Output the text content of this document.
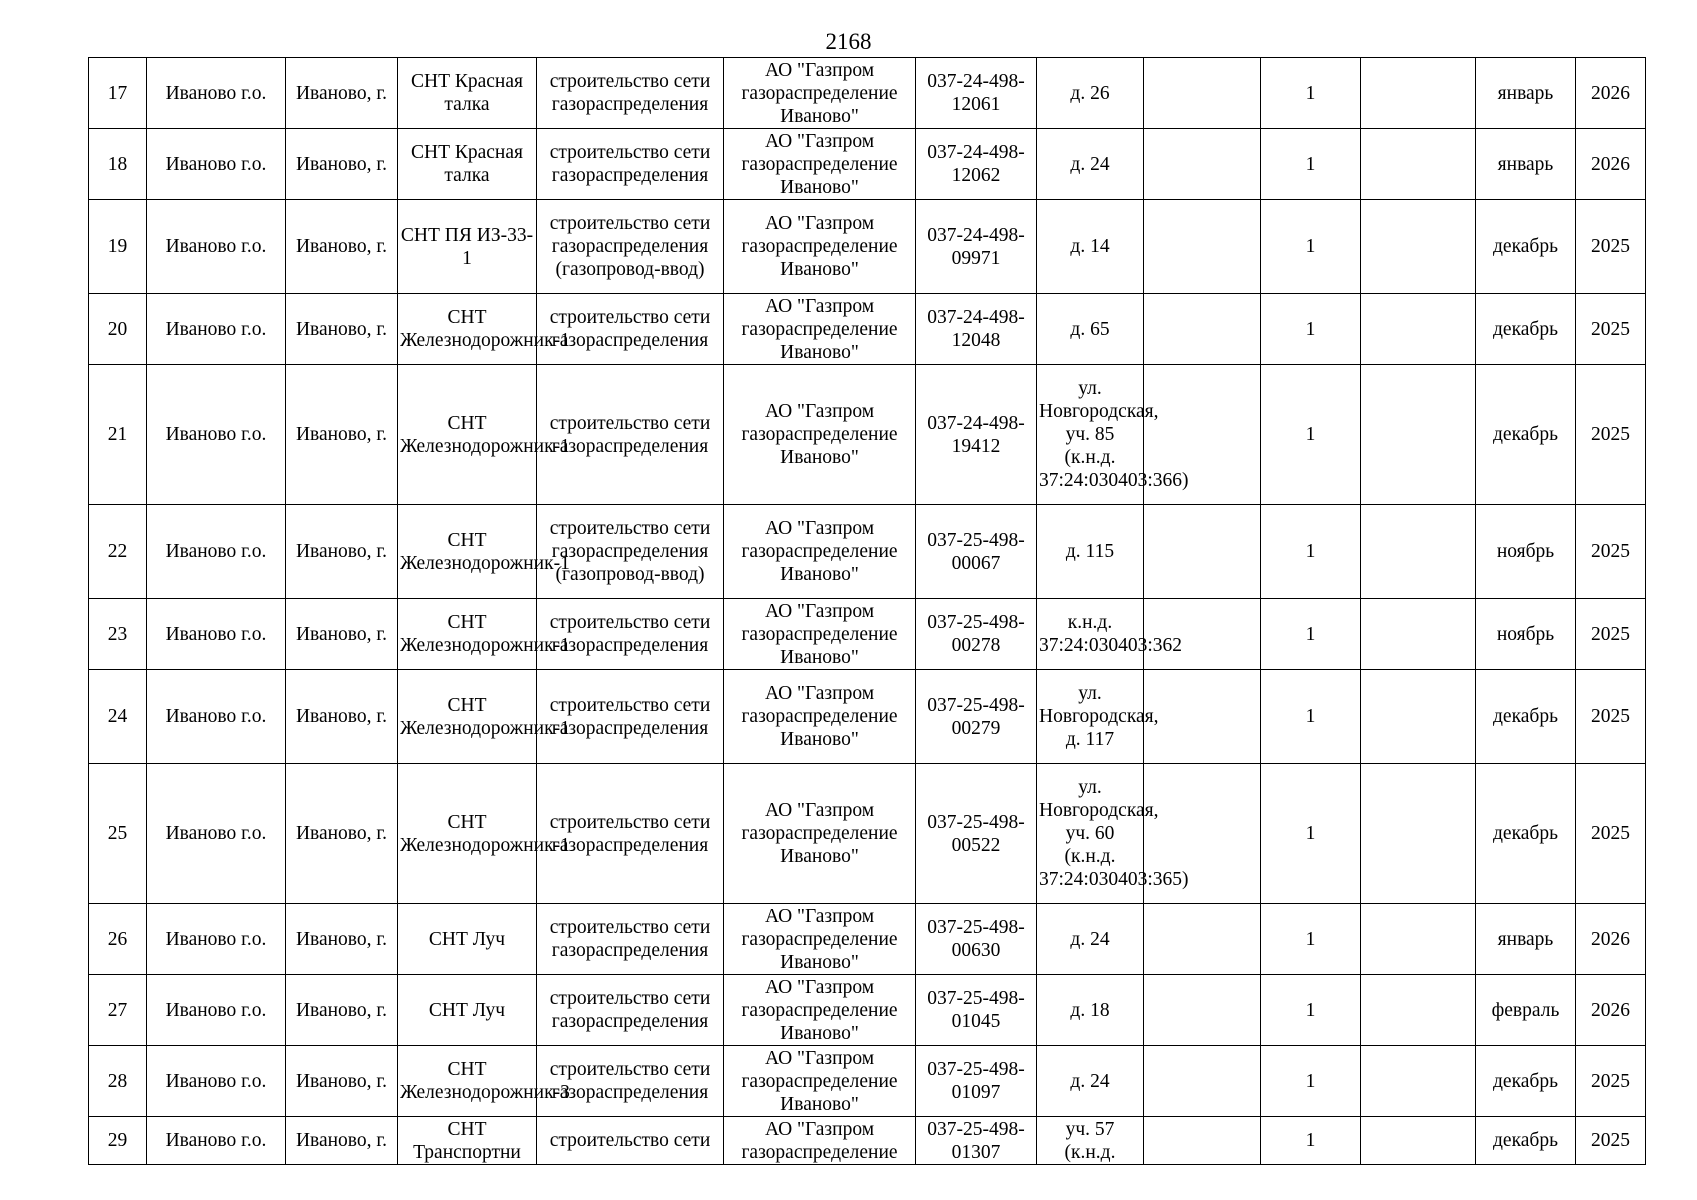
2168
17	Иваново г.о.	Иваново, г.	СНТ Красная талка	строительство сети газораспределения	АО "Газпром газораспределение Иваново"	037-24-498-12061	д. 26		1		январь	2026
18	Иваново г.о.	Иваново, г.	СНТ Красная талка	строительство сети газораспределения	АО "Газпром газораспределение Иваново"	037-24-498-12062	д. 24		1		январь	2026
19	Иваново г.о.	Иваново, г.	СНТ ПЯ ИЗ-33-1	строительство сети газораспределения (газопровод-ввод)	АО "Газпром газораспределение Иваново"	037-24-498-09971	д. 14		1		декабрь	2025
20	Иваново г.о.	Иваново, г.	СНТ Железнодорожник-1	строительство сети газораспределения	АО "Газпром газораспределение Иваново"	037-24-498-12048	д. 65		1		декабрь	2025
21	Иваново г.о.	Иваново, г.	СНТ Железнодорожник-1	строительство сети газораспределения	АО "Газпром газораспределение Иваново"	037-24-498-19412	ул. Новгородская, уч. 85 (к.н.д. 37:24:030403:366)		1		декабрь	2025
22	Иваново г.о.	Иваново, г.	СНТ Железнодорожник-1	строительство сети газораспределения (газопровод-ввод)	АО "Газпром газораспределение Иваново"	037-25-498-00067	д. 115		1		ноябрь	2025
23	Иваново г.о.	Иваново, г.	СНТ Железнодорожник-1	строительство сети газораспределения	АО "Газпром газораспределение Иваново"	037-25-498-00278	к.н.д. 37:24:030403:362		1		ноябрь	2025
24	Иваново г.о.	Иваново, г.	СНТ Железнодорожник-1	строительство сети газораспределения	АО "Газпром газораспределение Иваново"	037-25-498-00279	ул. Новгородская, д. 117		1		декабрь	2025
25	Иваново г.о.	Иваново, г.	СНТ Железнодорожник-1	строительство сети газораспределения	АО "Газпром газораспределение Иваново"	037-25-498-00522	ул. Новгородская, уч. 60 (к.н.д. 37:24:030403:365)		1		декабрь	2025
26	Иваново г.о.	Иваново, г.	СНТ Луч	строительство сети газораспределения	АО "Газпром газораспределение Иваново"	037-25-498-00630	д. 24		1		январь	2026
27	Иваново г.о.	Иваново, г.	СНТ Луч	строительство сети газораспределения	АО "Газпром газораспределение Иваново"	037-25-498-01045	д. 18		1		февраль	2026
28	Иваново г.о.	Иваново, г.	СНТ Железнодорожник-3	строительство сети газораспределения	АО "Газпром газораспределение Иваново"	037-25-498-01097	д. 24		1		декабрь	2025
29	Иваново г.о.	Иваново, г.	СНТ Транспортни	строительство сети	АО "Газпром газораспределение	037-25-498-01307	уч. 57 (к.н.д.		1		декабрь	2025
